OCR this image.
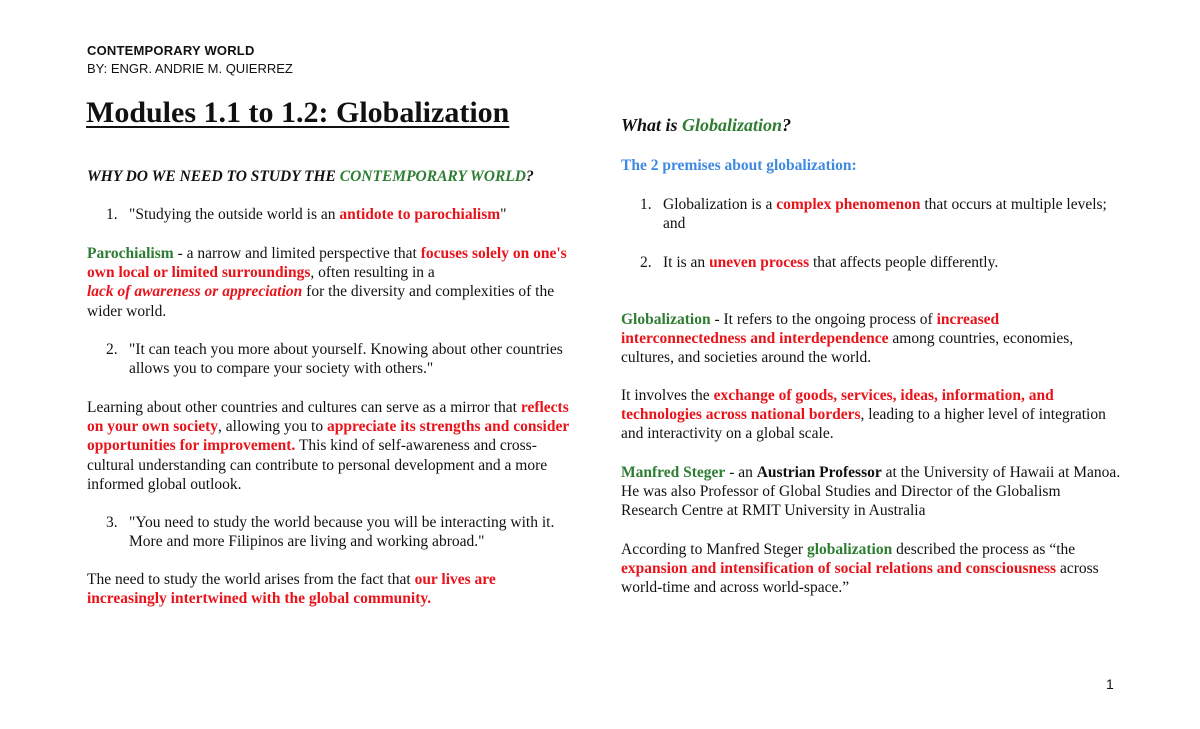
CONTEMPORARY WORLD
BY: ENGR. ANDRIE M. QUIERREZ
Modules 1.1 to 1.2: Globalization

WHY DO WE NEED TO STUDY THE CONTEMPORARY WORLD?

1. "Studying the outside world is an antidote to parochialism"

Parochialism - a narrow and limited perspective that focuses solely on one's own local or limited surroundings, often resulting in a
lack of awareness or appreciation for the diversity and complexities of the wider world.

2. "It can teach you more about yourself. Knowing about other countries allows you to compare your society with others."

Learning about other countries and cultures can serve as a mirror that reflects on your own society, allowing you to appreciate its strengths and consider opportunities for improvement. This kind of self-awareness and cross-cultural understanding can contribute to personal development and a more informed global outlook.

3. "You need to study the world because you will be interacting with it. More and more Filipinos are living and working abroad."

The need to study the world arises from the fact that our lives are increasingly intertwined with the global community.

What is Globalization?

The 2 premises about globalization:

1. Globalization is a complex phenomenon that occurs at multiple levels; and
2. It is an uneven process that affects people differently.

Globalization - It refers to the ongoing process of increased interconnectedness and interdependence among countries, economies, cultures, and societies around the world.

It involves the exchange of goods, services, ideas, information, and technologies across national borders, leading to a higher level of integration and interactivity on a global scale.

Manfred Steger - an Austrian Professor at the University of Hawaii at Manoa. He was also Professor of Global Studies and Director of the Globalism Research Centre at RMIT University in Australia

According to Manfred Steger globalization described the process as “the expansion and intensification of social relations and consciousness across world-time and across world-space.”

1
